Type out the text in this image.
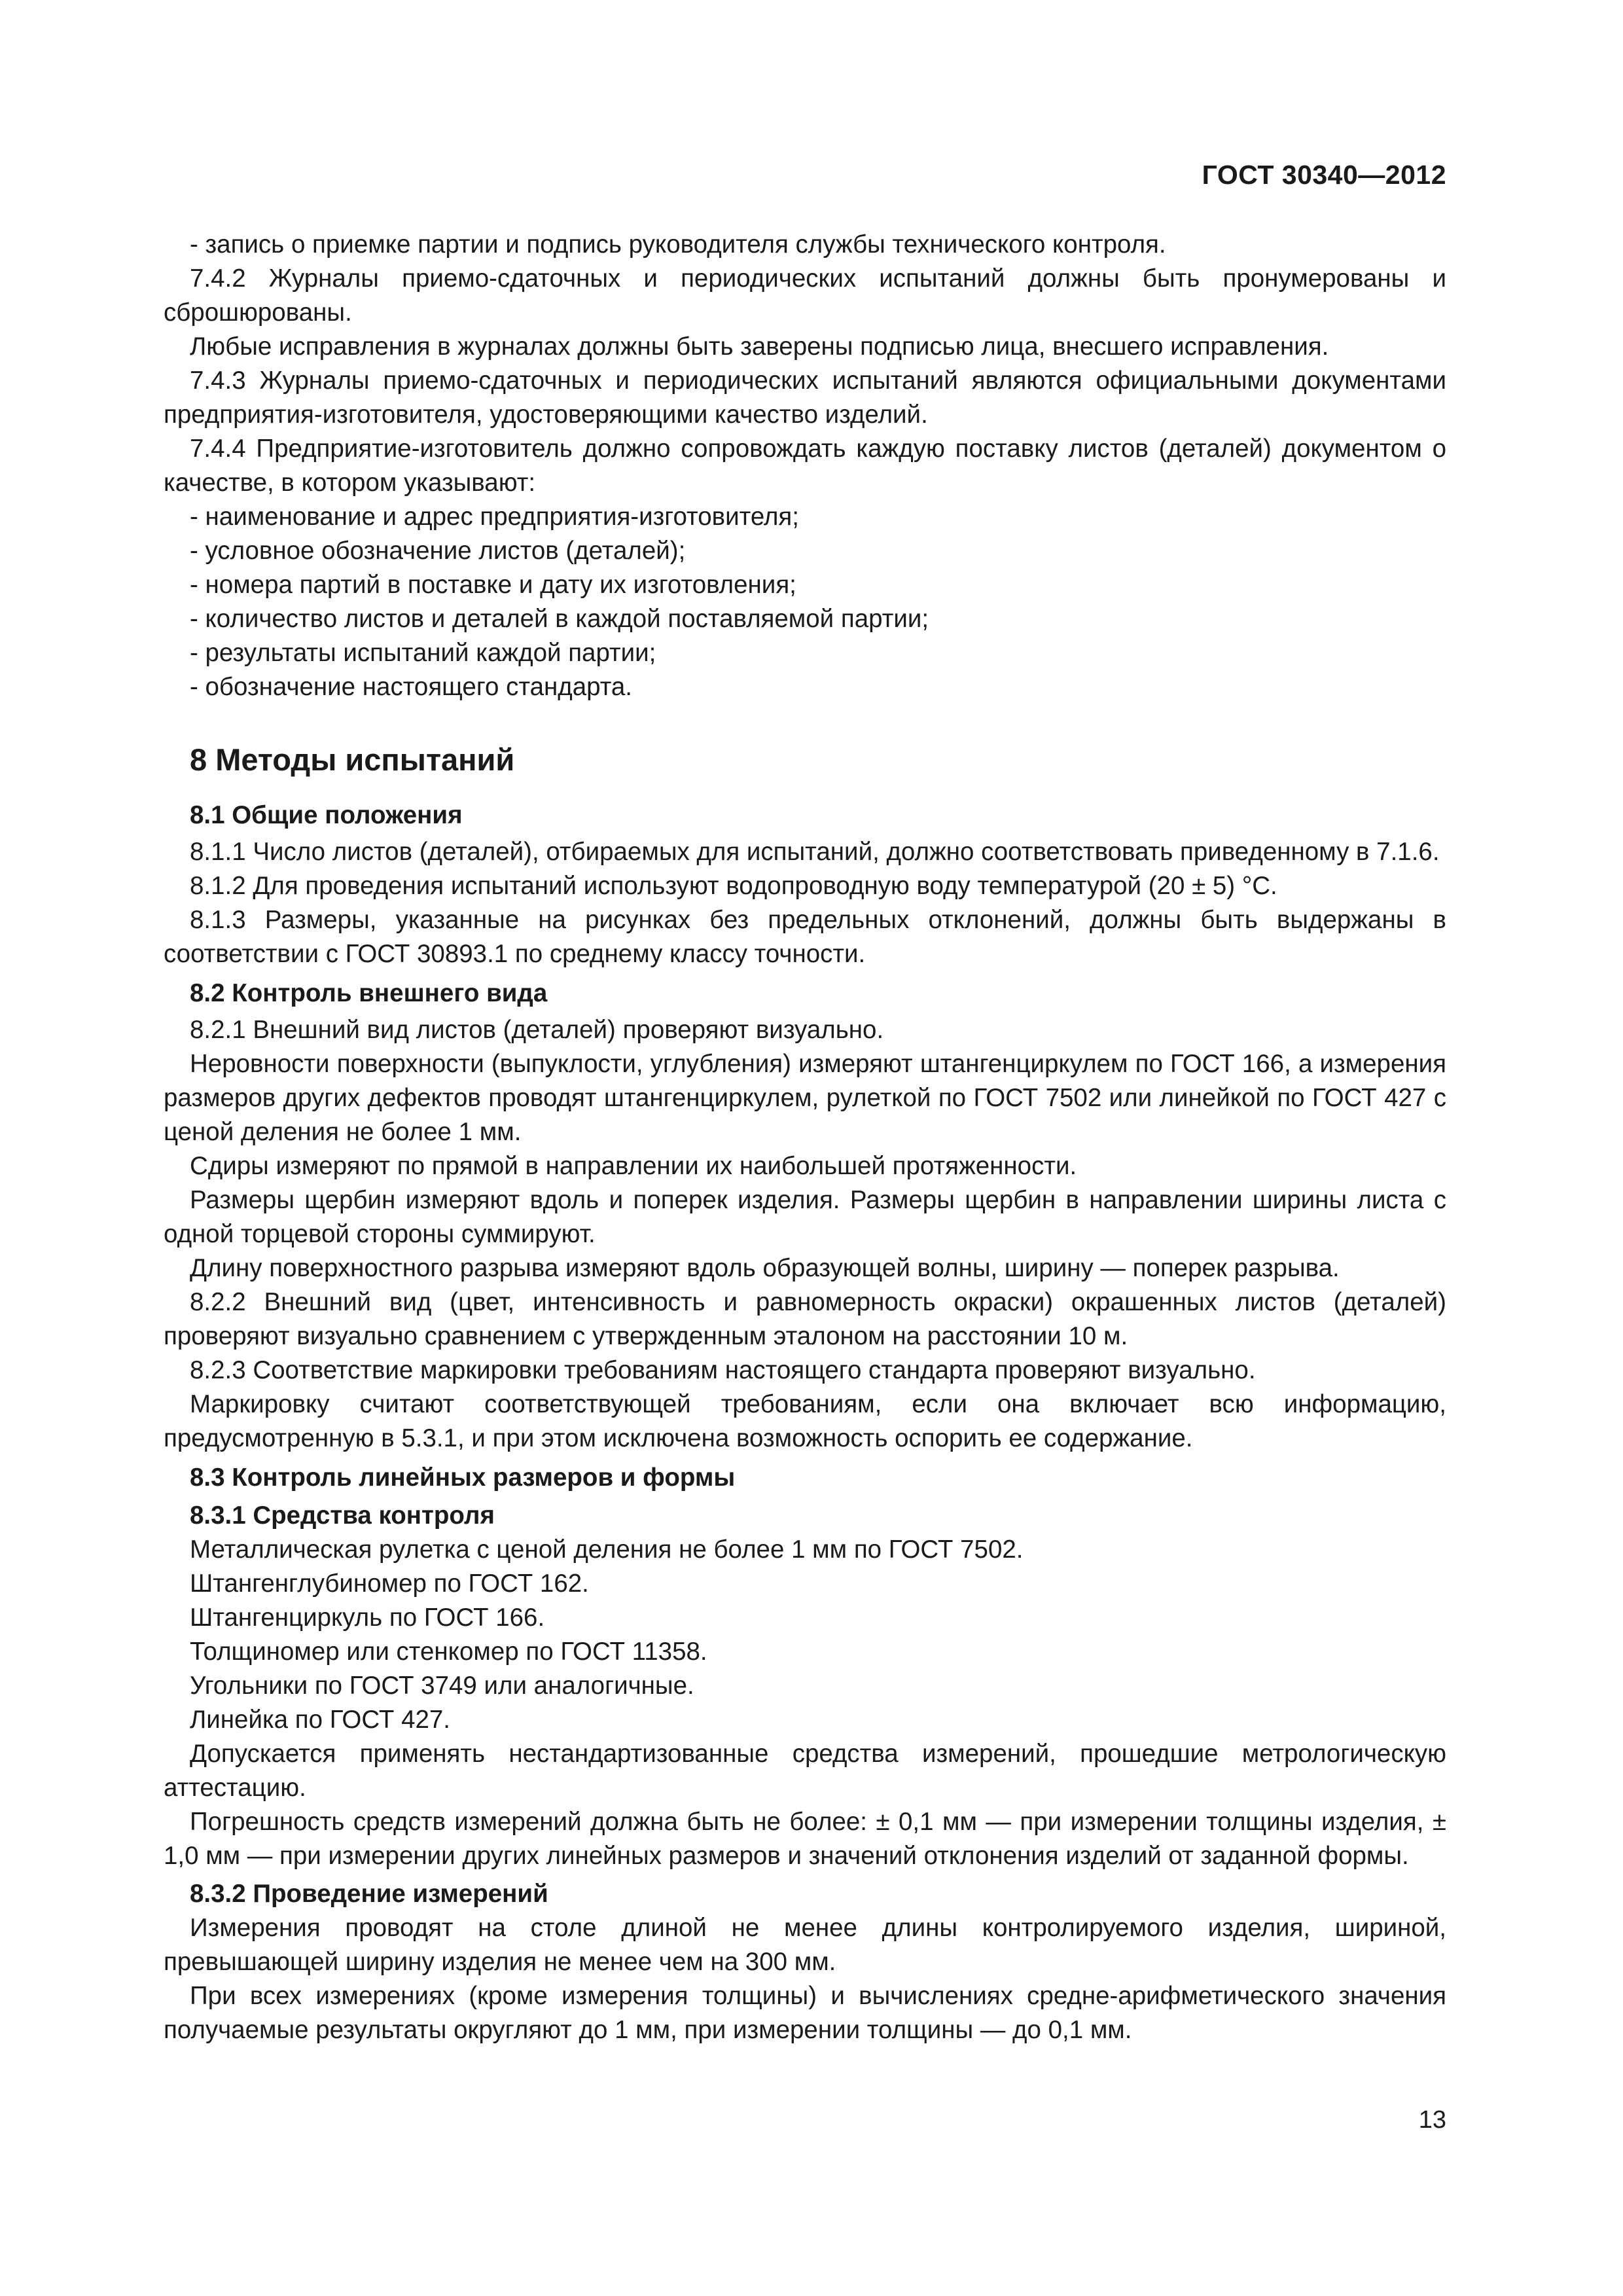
ГОСТ 30340—2012

- запись о приемке партии и подпись руководителя службы технического контроля.

7.4.2 Журналы приемо-сдаточных и периодических испытаний должны быть пронумерованы и сброшюрованы.

Любые исправления в журналах должны быть заверены подписью лица, внесшего исправления.

7.4.3 Журналы приемо-сдаточных и периодических испытаний являются официальными документами предприятия-изготовителя, удостоверяющими качество изделий.

7.4.4 Предприятие-изготовитель должно сопровождать каждую поставку листов (деталей) документом о качестве, в котором указывают:

- наименование и адрес предприятия-изготовителя;

- условное обозначение листов (деталей);

- номера партий в поставке и дату их изготовления;

- количество листов и деталей в каждой поставляемой партии;

- результаты испытаний каждой партии;

- обозначение настоящего стандарта.

8 Методы испытаний
8.1 Общие положения

8.1.1 Число листов (деталей), отбираемых для испытаний, должно соответствовать приведенному в 7.1.6.

8.1.2 Для проведения испытаний используют водопроводную воду температурой (20 ± 5) °С.

8.1.3 Размеры, указанные на рисунках без предельных отклонений, должны быть выдержаны в соответствии с ГОСТ 30893.1 по среднему классу точности.

8.2 Контроль внешнего вида

8.2.1 Внешний вид листов (деталей) проверяют визуально.

Неровности поверхности (выпуклости, углубления) измеряют штангенциркулем по ГОСТ 166, а измерения размеров других дефектов проводят штангенциркулем, рулеткой по ГОСТ 7502 или линейкой по ГОСТ 427 с ценой деления не более 1 мм.

Сдиры измеряют по прямой в направлении их наибольшей протяженности.

Размеры щербин измеряют вдоль и поперек изделия. Размеры щербин в направлении ширины листа с одной торцевой стороны суммируют.

Длину поверхностного разрыва измеряют вдоль образующей волны, ширину — поперек разрыва.

8.2.2 Внешний вид (цвет, интенсивность и равномерность окраски) окрашенных листов (деталей) проверяют визуально сравнением с утвержденным эталоном на расстоянии 10 м.

8.2.3 Соответствие маркировки требованиям настоящего стандарта проверяют визуально.

Маркировку считают соответствующей требованиям, если она включает всю информацию, предусмотренную в 5.3.1, и при этом исключена возможность оспорить ее содержание.

8.3 Контроль линейных размеров и формы
8.3.1 Средства контроля

Металлическая рулетка с ценой деления не более 1 мм по ГОСТ 7502.

Штангенглубиномер по ГОСТ 162.

Штангенциркуль по ГОСТ 166.

Толщиномер или стенкомер по ГОСТ 11358.

Угольники по ГОСТ 3749 или аналогичные.

Линейка по ГОСТ 427.

Допускается применять нестандартизованные средства измерений, прошедшие метрологическую аттестацию.

Погрешность средств измерений должна быть не более: ± 0,1 мм — при измерении толщины изделия, ± 1,0 мм — при измерении других линейных размеров и значений отклонения изделий от заданной формы.

8.3.2 Проведение измерений

Измерения проводят на столе длиной не менее длины контролируемого изделия, шириной, превышающей ширину изделия не менее чем на 300 мм.

При всех измерениях (кроме измерения толщины) и вычислениях средне-арифметического значения получаемые результаты округляют до 1 мм, при измерении толщины — до 0,1 мм.

13
